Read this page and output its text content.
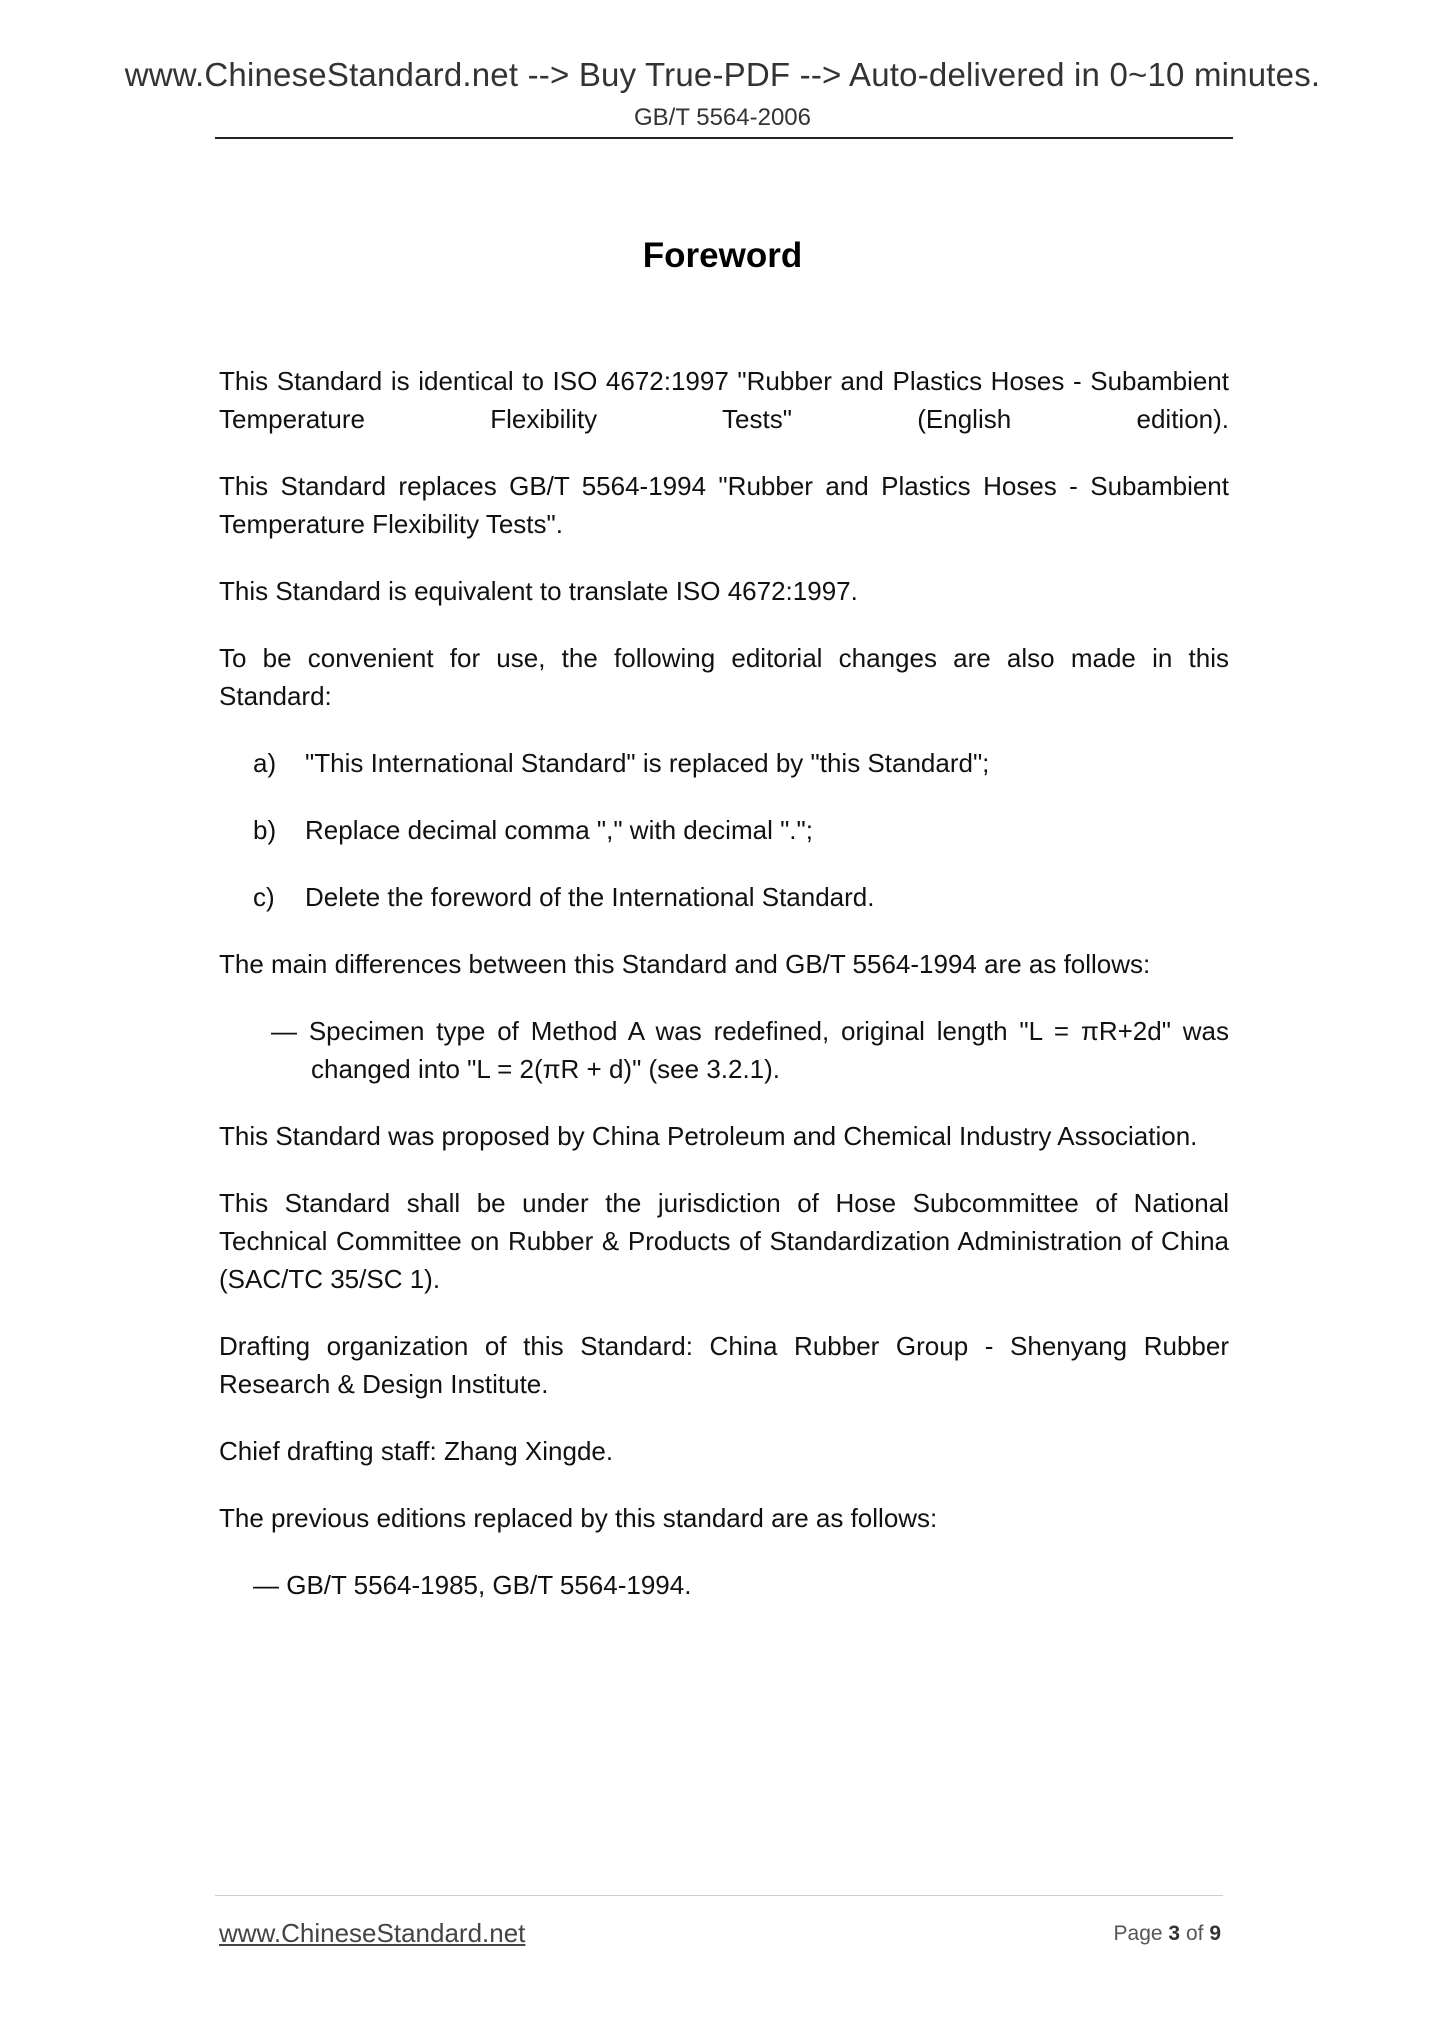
www.ChineseStandard.net --> Buy True-PDF --> Auto-delivered in 0~10 minutes.
GB/T 5564-2006
Foreword

This Standard is identical to ISO 4672:1997 "Rubber and Plastics Hoses - Subambient Temperature Flexibility Tests" (English edition).

This Standard replaces GB/T 5564-1994 "Rubber and Plastics Hoses - Subambient Temperature Flexibility Tests".

This Standard is equivalent to translate ISO 4672:1997.

To be convenient for use, the following editorial changes are also made in this Standard:

a) "This International Standard" is replaced by "this Standard";
b) Replace decimal comma "," with decimal ".";
c) Delete the foreword of the International Standard.

The main differences between this Standard and GB/T 5564-1994 are as follows:

— Specimen type of Method A was redefined, original length "L = πR+2d" was changed into "L = 2(πR + d)" (see 3.2.1).

This Standard was proposed by China Petroleum and Chemical Industry Association.

This Standard shall be under the jurisdiction of Hose Subcommittee of National Technical Committee on Rubber & Products of Standardization Administration of China (SAC/TC 35/SC 1).

Drafting organization of this Standard: China Rubber Group - Shenyang Rubber Research & Design Institute.

Chief drafting staff: Zhang Xingde.

The previous editions replaced by this standard are as follows:

— GB/T 5564-1985, GB/T 5564-1994.
www.ChineseStandard.net	Page 3 of 9
